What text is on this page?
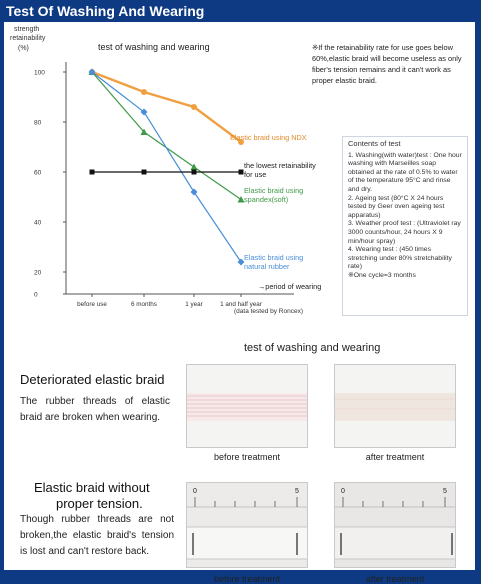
Test Of Washing And Wearing
0
20
40
60
80
100
before use	6 months	1 year	1 and half year
strength
retainability
(%)	test of washing and wearing
Elastic braid using NDX
the lowest retainability
for use
Elastic braid using
spandex(soft)
Elastic braid using
natural rubber
→period of wearing
(data tested by Roncex)
※If the retainability rate for use goes below 60%,elastic braid will become useless as only fiber's tension remains and it can't work as proper elastic braid.
Contents of test
1. Washing(with water)test : One hour washing with Marseilles soap obtained at the rate of 0.5% to water of the temperature 95°C and rinse and dry.
2. Ageing test (80°C X 24 hours tested by Geer oven ageing test apparatus)
3. Weather proof test : (Ultraviolet ray 3000 counts/hour, 24 hours X 9 min/hour spray)
4. Wearing test : (450 times stretching under 80% stretchability rate)
※One cycle=3 months
test of washing and wearing
Deteriorated elastic braid
The rubber threads of elastic braid are broken when wearing.
before treatment	after treatment
Elastic braid without
proper tension.
Though rubber threads are not broken,the elastic braid's tension is lost and can't restore back.
0	5
before treatment
0	5
after treatment
